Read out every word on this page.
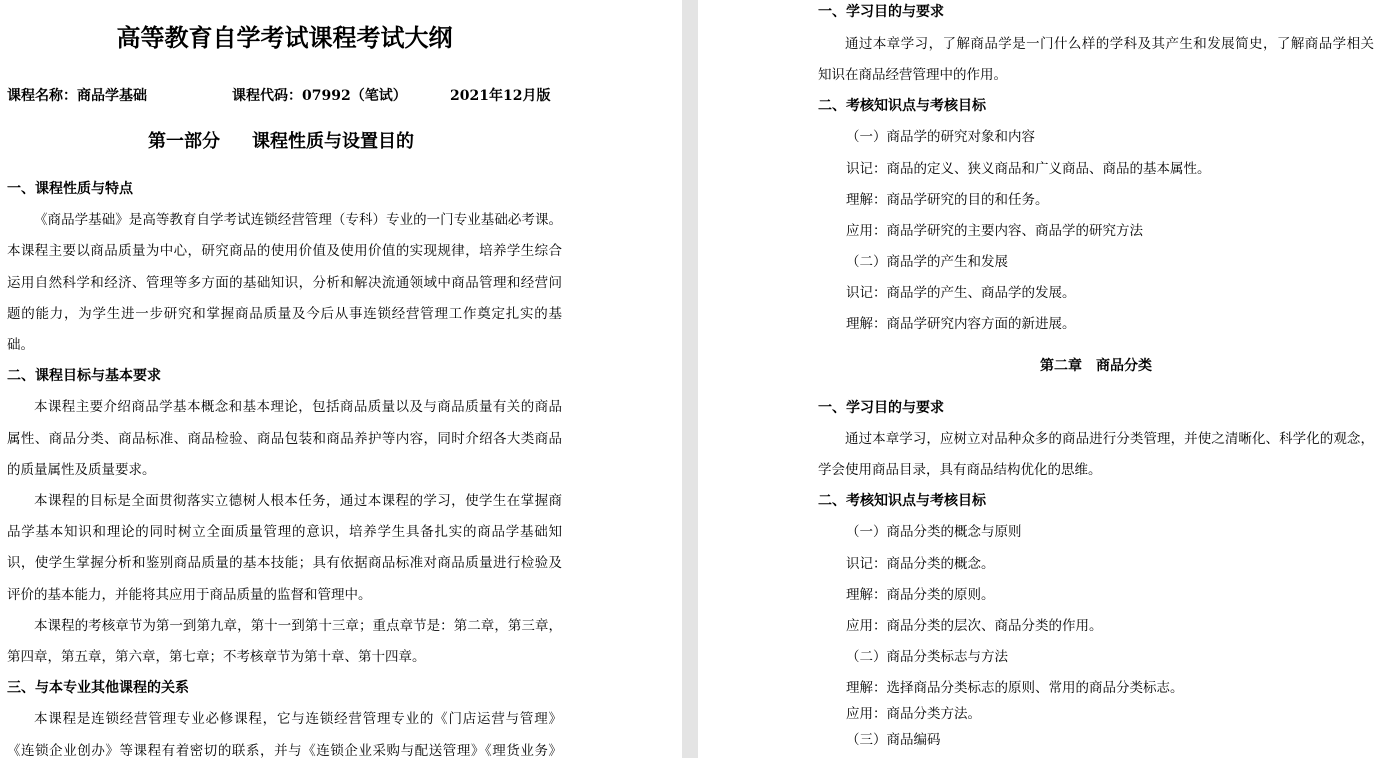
高等教育自学考试课程考试大纲
课程名称：商品学基础	课程代码：07992（笔试）	2021年12月版
第一部分 课程性质与设置目的
一、课程性质与特点
《商品学基础》是高等教育自学考试连锁经营管理（专科）专业的一门专业基础必考课。
本课程主要以商品质量为中心，研究商品的使用价值及使用价值的实现规律，培养学生综合
运用自然科学和经济、管理等多方面的基础知识，分析和解决流通领域中商品管理和经营问
题的能力，为学生进一步研究和掌握商品质量及今后从事连锁经营管理工作奠定扎实的基
础。
二、课程目标与基本要求
本课程主要介绍商品学基本概念和基本理论，包括商品质量以及与商品质量有关的商品
属性、商品分类、商品标准、商品检验、商品包装和商品养护等内容，同时介绍各大类商品
的质量属性及质量要求。
本课程的目标是全面贯彻落实立德树人根本任务，通过本课程的学习，使学生在掌握商
品学基本知识和理论的同时树立全面质量管理的意识，培养学生具备扎实的商品学基础知
识，使学生掌握分析和鉴别商品质量的基本技能；具有依据商品标准对商品质量进行检验及
评价的基本能力，并能将其应用于商品质量的监督和管理中。
本课程的考核章节为第一到第九章，第十一到第十三章；重点章节是：第二章，第三章，
第四章，第五章，第六章，第七章；不考核章节为第十章、第十四章。
三、与本专业其他课程的关系
本课程是连锁经营管理专业必修课程，它与连锁经营管理专业的《门店运营与管理》
《连锁企业创办》等课程有着密切的联系，并与《连锁企业采购与配送管理》《理货业务》
一、学习目的与要求
通过本章学习，了解商品学是一门什么样的学科及其产生和发展简史，了解商品学相关
知识在商品经营管理中的作用。
二、考核知识点与考核目标
（一）商品学的研究对象和内容
识记：商品的定义、狭义商品和广义商品、商品的基本属性。
理解：商品学研究的目的和任务。
应用：商品学研究的主要内容、商品学的研究方法
（二）商品学的产生和发展
识记：商品学的产生、商品学的发展。
理解：商品学研究内容方面的新进展。
第二章 商品分类
一、学习目的与要求
通过本章学习，应树立对品种众多的商品进行分类管理，并使之清晰化、科学化的观念，
学会使用商品目录，具有商品结构优化的思维。
二、考核知识点与考核目标
（一）商品分类的概念与原则
识记：商品分类的概念。
理解：商品分类的原则。
应用：商品分类的层次、商品分类的作用。
（二）商品分类标志与方法
理解：选择商品分类标志的原则、常用的商品分类标志。
应用：商品分类方法。
（三）商品编码
